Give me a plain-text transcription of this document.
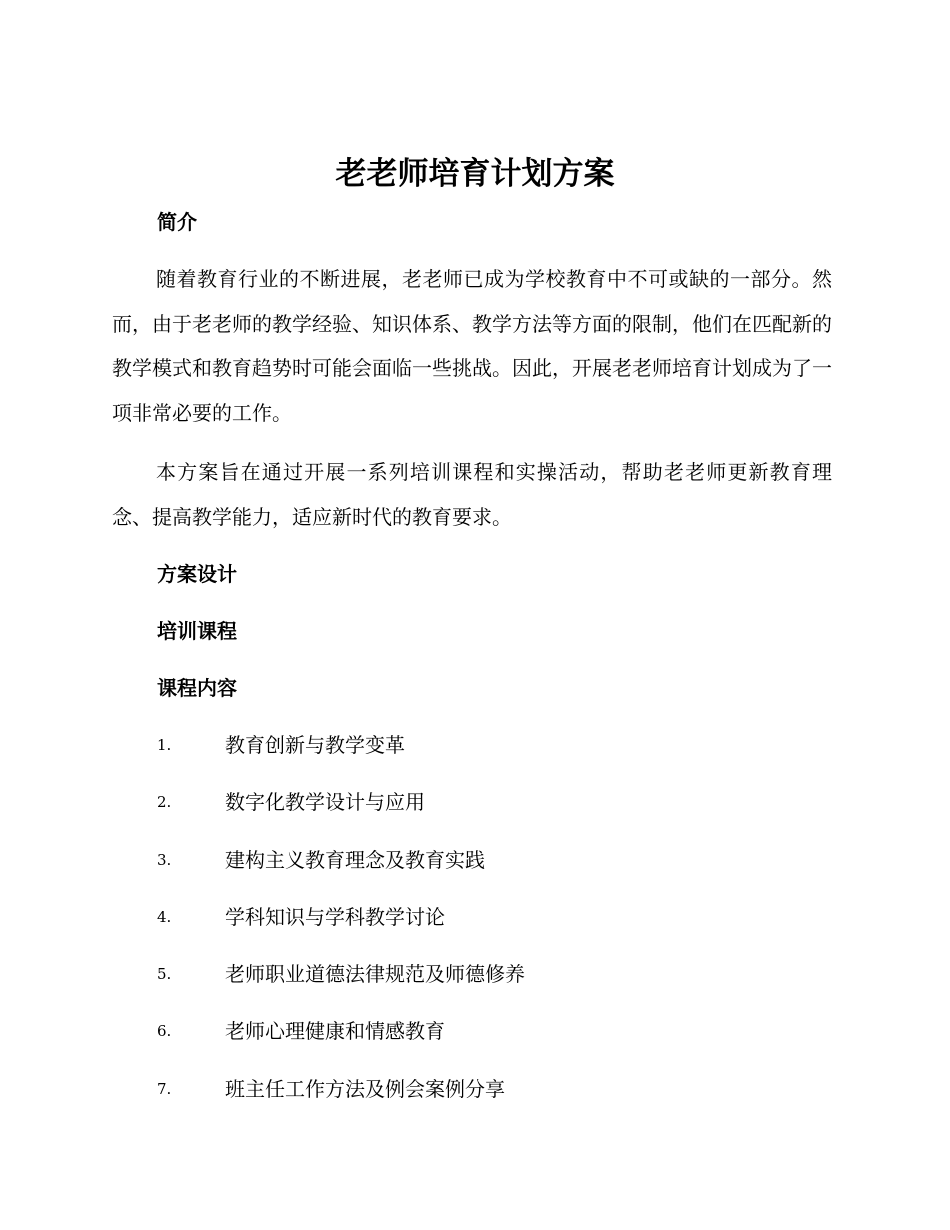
老老师培育计划方案
简介

随着教育行业的不断进展，老老师已成为学校教育中不可或缺的一部分。然而，由于老老师的教学经验、知识体系、教学方法等方面的限制，他们在匹配新的教学模式和教育趋势时可能会面临一些挑战。因此，开展老老师培育计划成为了一项非常必要的工作。

本方案旨在通过开展一系列培训课程和实操活动，帮助老老师更新教育理念、提高教学能力，适应新时代的教育要求。

方案设计
培训课程
课程内容
1.	教育创新与教学变革
2.	数字化教学设计与应用
3.	建构主义教育理念及教育实践
4.	学科知识与学科教学讨论
5.	老师职业道德法律规范及师德修养
6.	老师心理健康和情感教育
7.	班主任工作方法及例会案例分享
